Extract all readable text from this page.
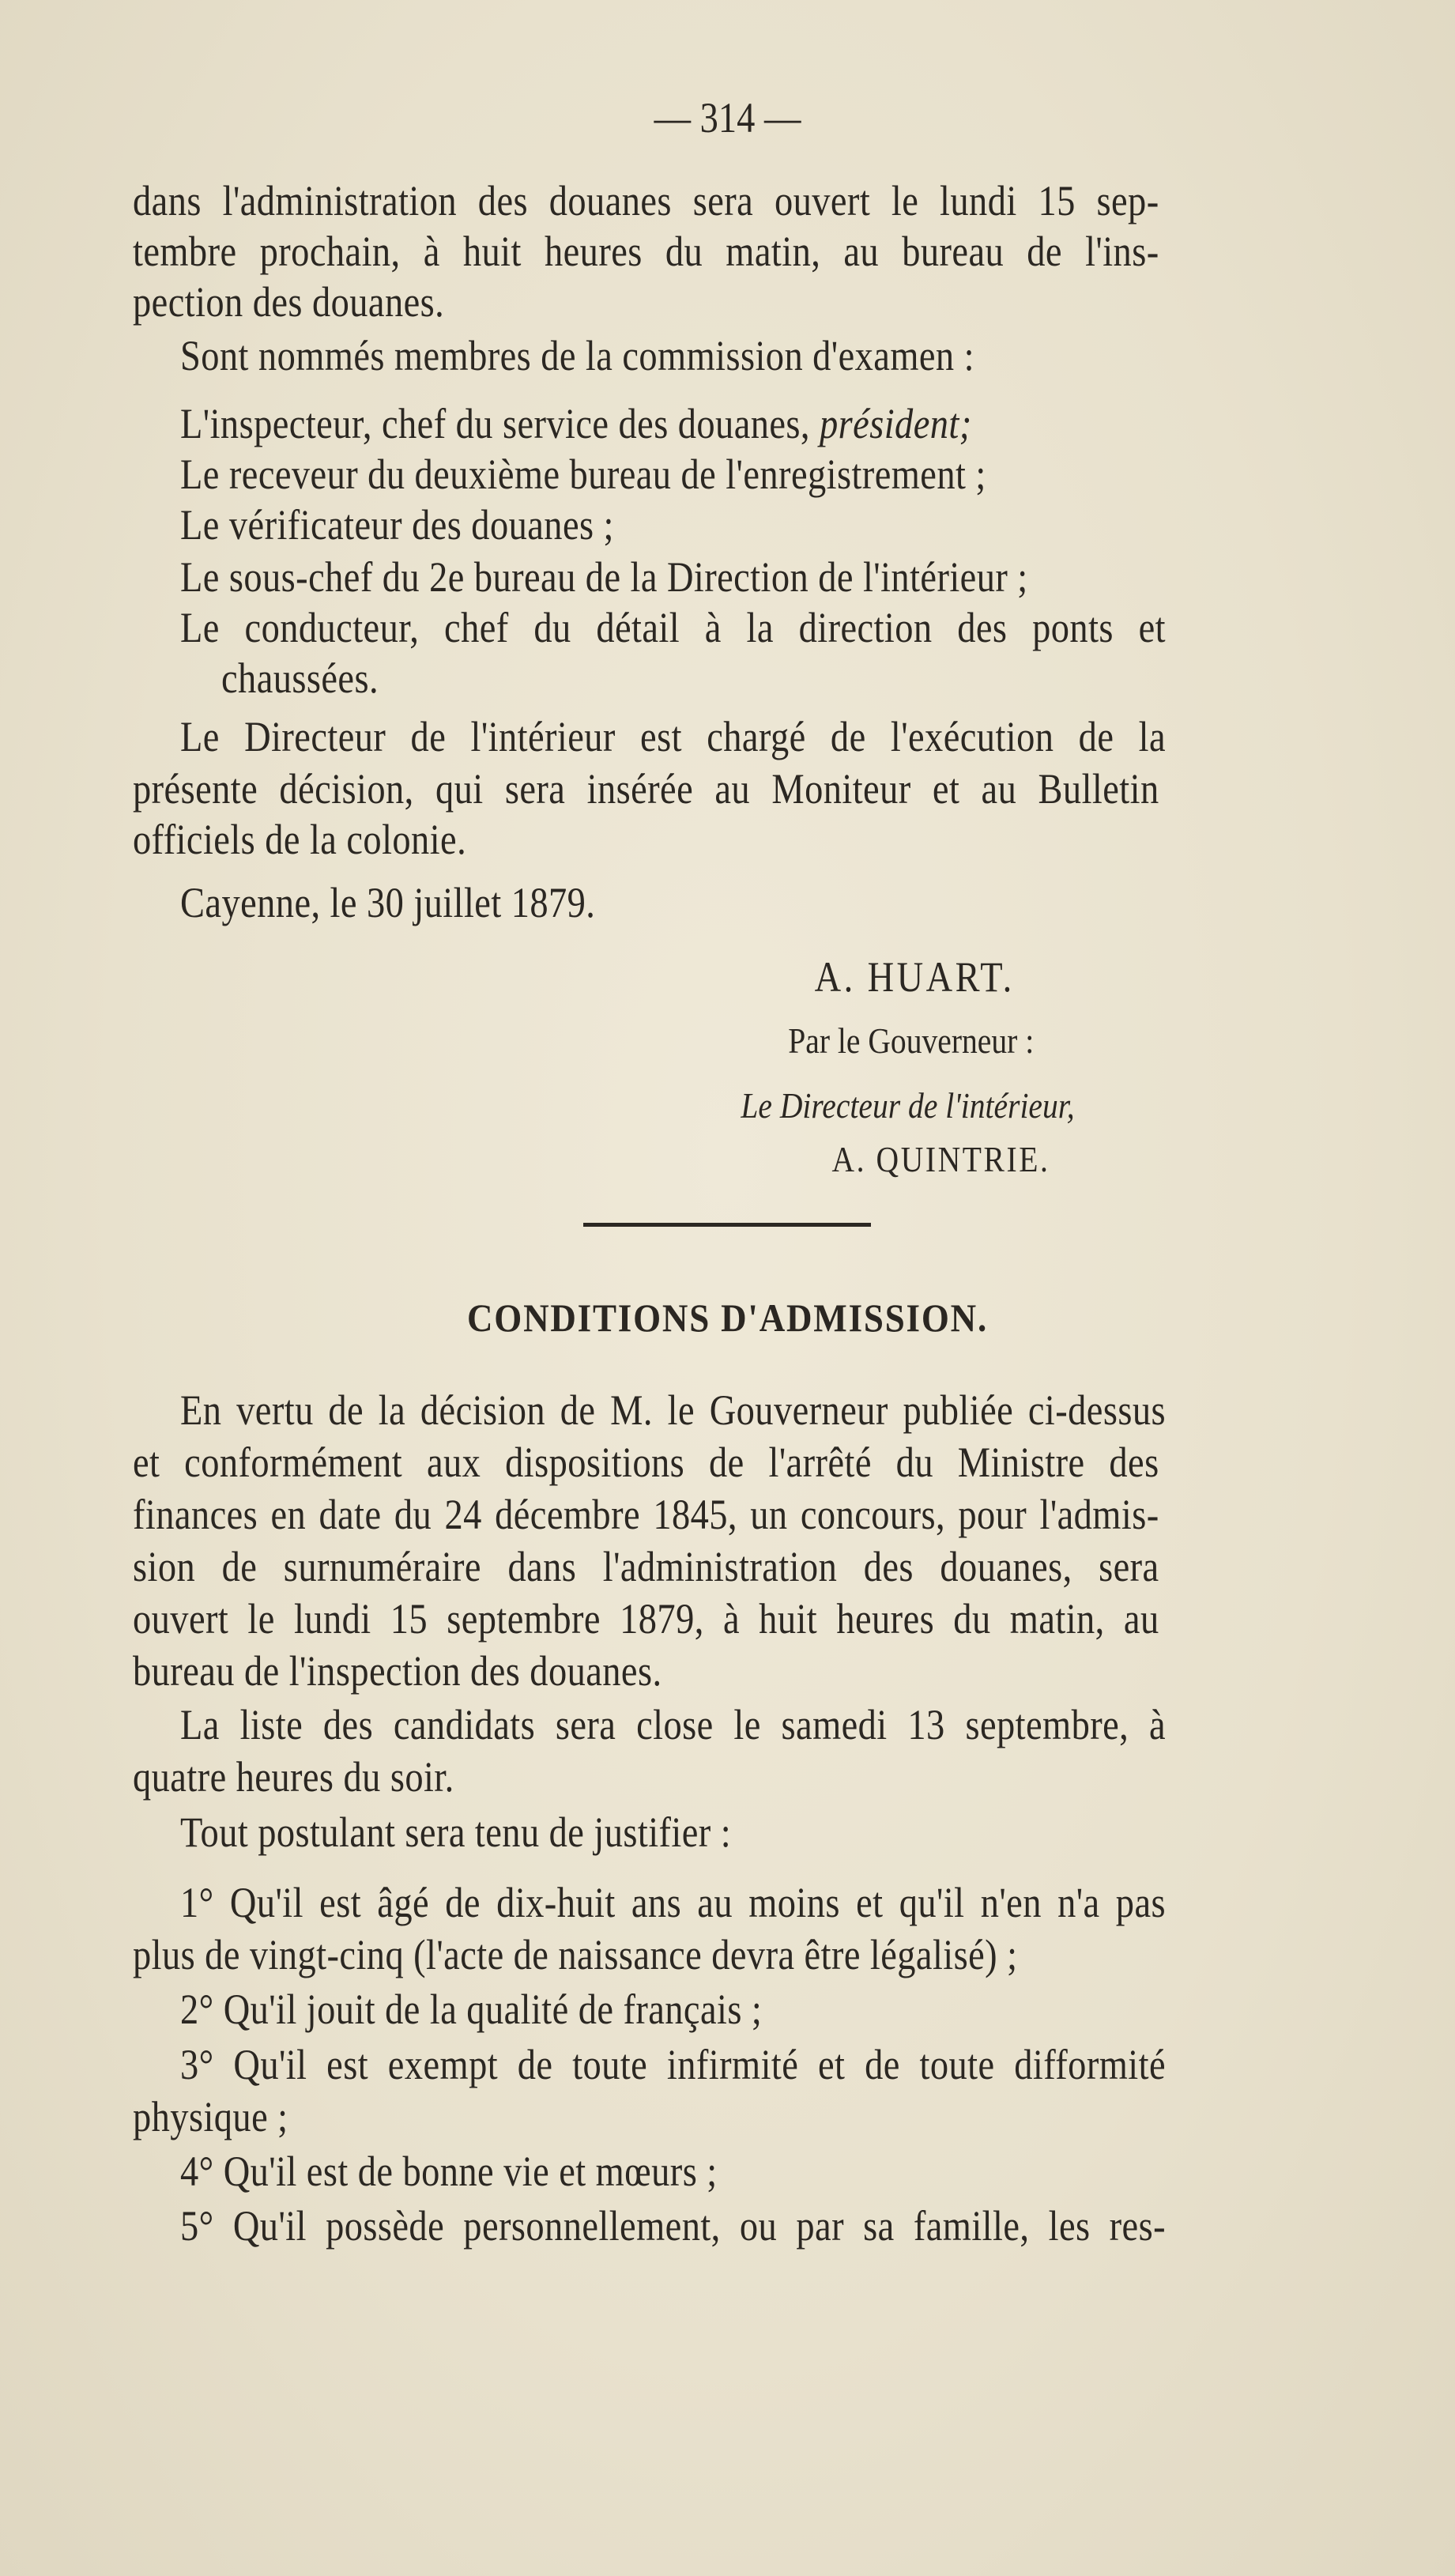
— 314 —
dans l'administration des douanes sera ouvert le lundi 15 sep-
tembre prochain, à huit heures du matin, au bureau de l'ins-
pection des douanes.
Sont nommés membres de la commission d'examen :
L'inspecteur, chef du service des douanes, président;
Le receveur du deuxième bureau de l'enregistrement ;
Le vérificateur des douanes ;
Le sous-chef du 2e bureau de la Direction de l'intérieur ;
Le conducteur, chef du détail à la direction des ponts et
chaussées.
Le Directeur de l'intérieur est chargé de l'exécution de la
présente décision, qui sera insérée au Moniteur et au Bulletin
officiels de la colonie.
Cayenne, le 30 juillet 1879.
A. HUART.
Par le Gouverneur :
Le Directeur de l'intérieur,
A. QUINTRIE.
CONDITIONS D'ADMISSION.
En vertu de la décision de M. le Gouverneur publiée ci-dessus
et conformément aux dispositions de l'arrêté du Ministre des
finances en date du 24 décembre 1845, un concours, pour l'admis-
sion de surnuméraire dans l'administration des douanes, sera
ouvert le lundi 15 septembre 1879, à huit heures du matin, au
bureau de l'inspection des douanes.
La liste des candidats sera close le samedi 13 septembre, à
quatre heures du soir.
Tout postulant sera tenu de justifier :
1° Qu'il est âgé de dix-huit ans au moins et qu'il n'en n'a pas
plus de vingt-cinq (l'acte de naissance devra être légalisé) ;
2° Qu'il jouit de la qualité de français ;
3° Qu'il est exempt de toute infirmité et de toute difformité
physique ;
4° Qu'il est de bonne vie et mœurs ;
5° Qu'il possède personnellement, ou par sa famille, les res-
